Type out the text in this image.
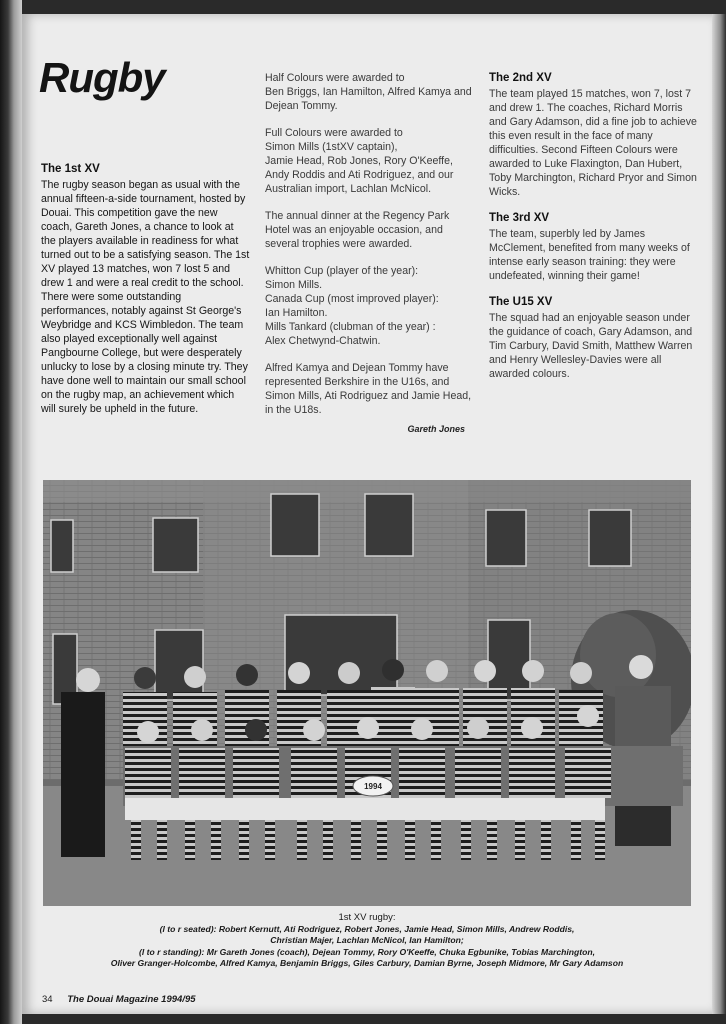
Rugby
The 1st XV

The rugby season began as usual with the annual fifteen-a-side tournament, hosted by Douai. This competition gave the new coach, Gareth Jones, a chance to look at the players available in readiness for what turned out to be a satisfying season. The 1st XV played 13 matches, won 7 lost 5 and drew 1 and were a real credit to the school. There were some outstanding performances, notably against St George's Weybridge and KCS Wimbledon. The team also played exceptionally well against Pangbourne College, but were desperately unlucky to lose by a closing minute try. They have done well to maintain our small school on the rugby map, an achievement which will surely be upheld in the future.

Half Colours were awarded to
Ben Briggs, Ian Hamilton, Alfred Kamya and Dejean Tommy.

Full Colours were awarded to
Simon Mills (1stXV captain),
Jamie Head, Rob Jones, Rory O'Keeffe, Andy Roddis and Ati Rodriguez, and our Australian import, Lachlan McNicol.

The annual dinner at the Regency Park Hotel was an enjoyable occasion, and several trophies were awarded.

Whitton Cup (player of the year):
Simon Mills.
Canada Cup (most improved player):
Ian Hamilton.
Mills Tankard (clubman of the year) :
Alex Chetwynd-Chatwin.

Alfred Kamya and Dejean Tommy have represented Berkshire in the U16s, and Simon Mills, Ati Rodriguez and Jamie Head, in the U18s.

Gareth Jones
The 2nd XV

The team played 15 matches, won 7, lost 7 and drew 1. The coaches, Richard Morris and Gary Adamson, did a fine job to achieve this even result in the face of many difficulties. Second Fifteen Colours were awarded to Luke Flaxington, Dan Hubert, Toby Marchington, Richard Pryor and Simon Wicks.

The 3rd XV

The team, superbly led by James McClement, benefited from many weeks of intense early season training: they were undefeated, winning their game!

The U15 XV

The squad had an enjoyable season under the guidance of coach, Gary Adamson, and Tim Carbury, David Smith, Matthew Warren and Henry Wellesley-Davies were all awarded colours.

1994
1st XV rugby:
(l to r seated): Robert Kernutt, Ati Rodriguez, Robert Jones, Jamie Head, Simon Mills, Andrew Roddis,
Christian Majer, Lachlan McNicol, Ian Hamilton;
(l to r standing): Mr Gareth Jones (coach), Dejean Tommy, Rory O'Keeffe, Chuka Egbunike, Tobias Marchington,
Oliver Granger-Holcombe, Alfred Kamya, Benjamin Briggs, Giles Carbury, Damian Byrne, Joseph Midmore, Mr Gary Adamson
34 The Douai Magazine 1994/95
